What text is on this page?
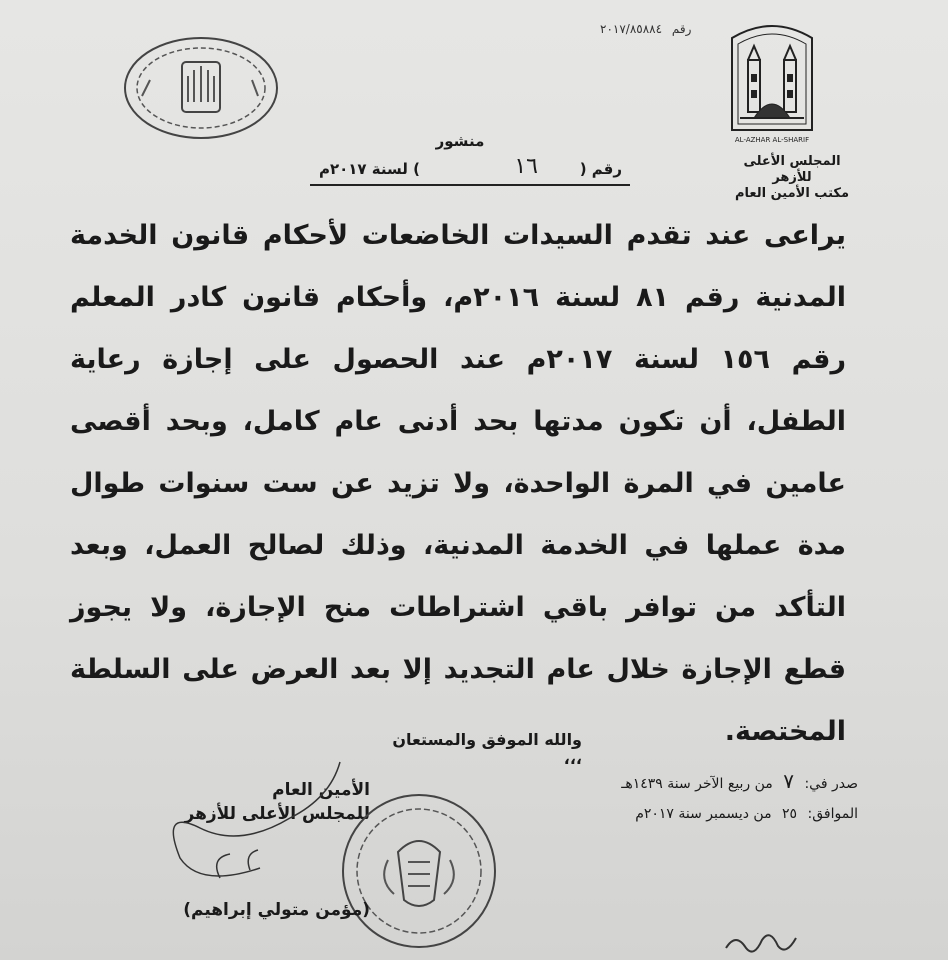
رقم ٢٠١٧/٨٥٨٨٤
AL-AZHAR AL-SHARIF
المجلس الأعلى للأزهر
مكتب الأمين العام
منشور
رقم (
١٦
) لسنة ٢٠١٧م
يراعى عند تقدم السيدات الخاضعات لأحكام قانون الخدمة المدنية رقم ٨١ لسنة ٢٠١٦م، وأحكام قانون كادر المعلم رقم ١٥٦ لسنة ٢٠١٧م عند الحصول على إجازة رعاية الطفل، أن تكون مدتها بحد أدنى عام كامل، وبحد أقصى عامين في المرة الواحدة، ولا تزيد عن ست سنوات طوال مدة عملها في الخدمة المدنية، وذلك لصالح العمل، وبعد التأكد من توافر باقي اشتراطات منح الإجازة، ولا يجوز قطع الإجازة خلال عام التجديد إلا بعد العرض على السلطة المختصة.
والله الموفق والمستعان ،،،
صدر في: ٧ من ربيع الآخر سنة ١٤٣٩هـ
الموافق: ٢٥ من ديسمبر سنة ٢٠١٧م
الأمين العام
للمجلس الأعلى للأزهر
(مؤمن متولي إبراهيم)
